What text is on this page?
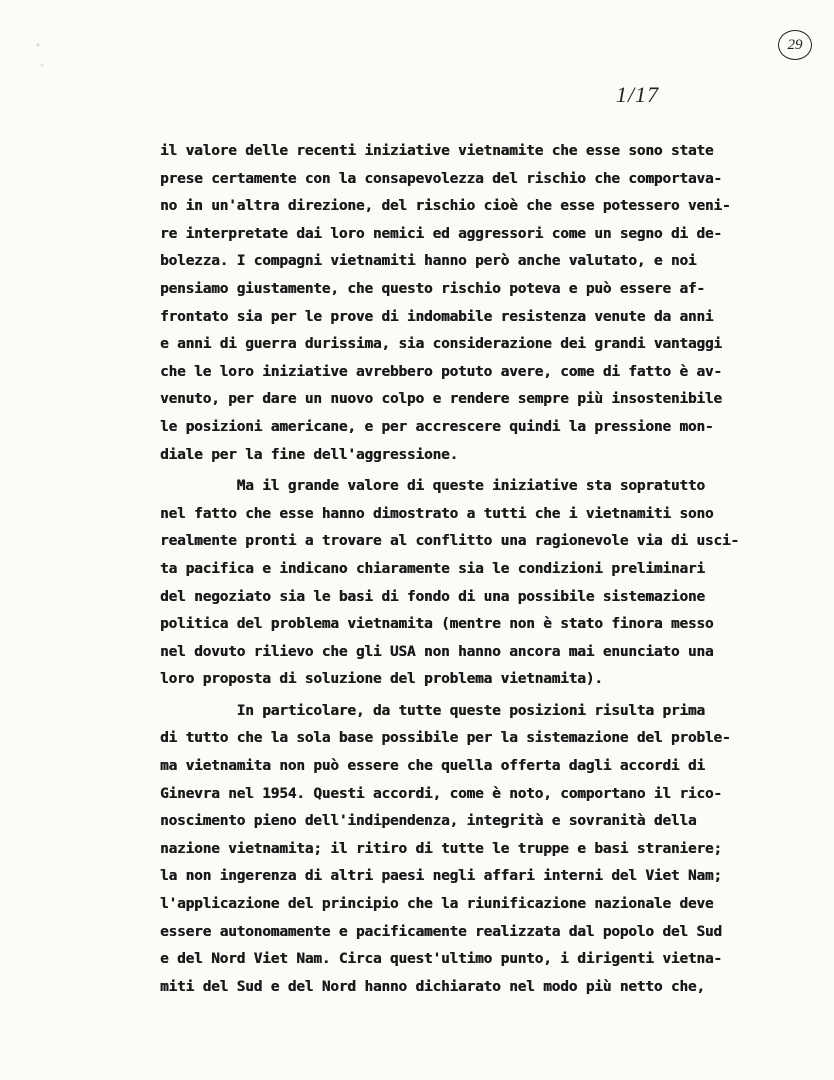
29
1/17
il valore delle recenti iniziative vietnamite che esse sono state
prese certamente con la consapevolezza del rischio che comportava-
no in un'altra direzione, del rischio cioè che esse potessero veni-
re interpretate dai loro nemici ed aggressori come un segno di de-
bolezza. I compagni vietnamiti hanno però anche valutato, e noi
pensiamo giustamente, che questo rischio poteva e può essere af-
frontato sia per le prove di indomabile resistenza venute da anni
e anni di guerra durissima, sia considerazione dei grandi vantaggi
che le loro iniziative avrebbero potuto avere, come di fatto è av-
venuto, per dare un nuovo colpo e rendere sempre più insostenibile
le posizioni americane, e per accrescere quindi la pressione mon-
diale per la fine dell'aggressione.
Ma il grande valore di queste iniziative sta sopratutto
nel fatto che esse hanno dimostrato a tutti che i vietnamiti sono
realmente pronti a trovare al conflitto una ragionevole via di usci-
ta pacifica e indicano chiaramente sia le condizioni preliminari
del negoziato sia le basi di fondo di una possibile sistemazione
politica del problema vietnamita (mentre non è stato finora messo
nel dovuto rilievo che gli USA non hanno ancora mai enunciato una
loro proposta di soluzione del problema vietnamita).
In particolare, da tutte queste posizioni risulta prima
di tutto che la sola base possibile per la sistemazione del proble-
ma vietnamita non può essere che quella offerta dagli accordi di
Ginevra nel 1954. Questi accordi, come è noto, comportano il rico-
noscimento pieno dell'indipendenza, integrità e sovranità della
nazione vietnamita; il ritiro di tutte le truppe e basi straniere;
la non ingerenza di altri paesi negli affari interni del Viet Nam;
l'applicazione del principio che la riunificazione nazionale deve
essere autonomamente e pacificamente realizzata dal popolo del Sud
e del Nord Viet Nam. Circa quest'ultimo punto, i dirigenti vietna-
miti del Sud e del Nord hanno dichiarato nel modo più netto che,
